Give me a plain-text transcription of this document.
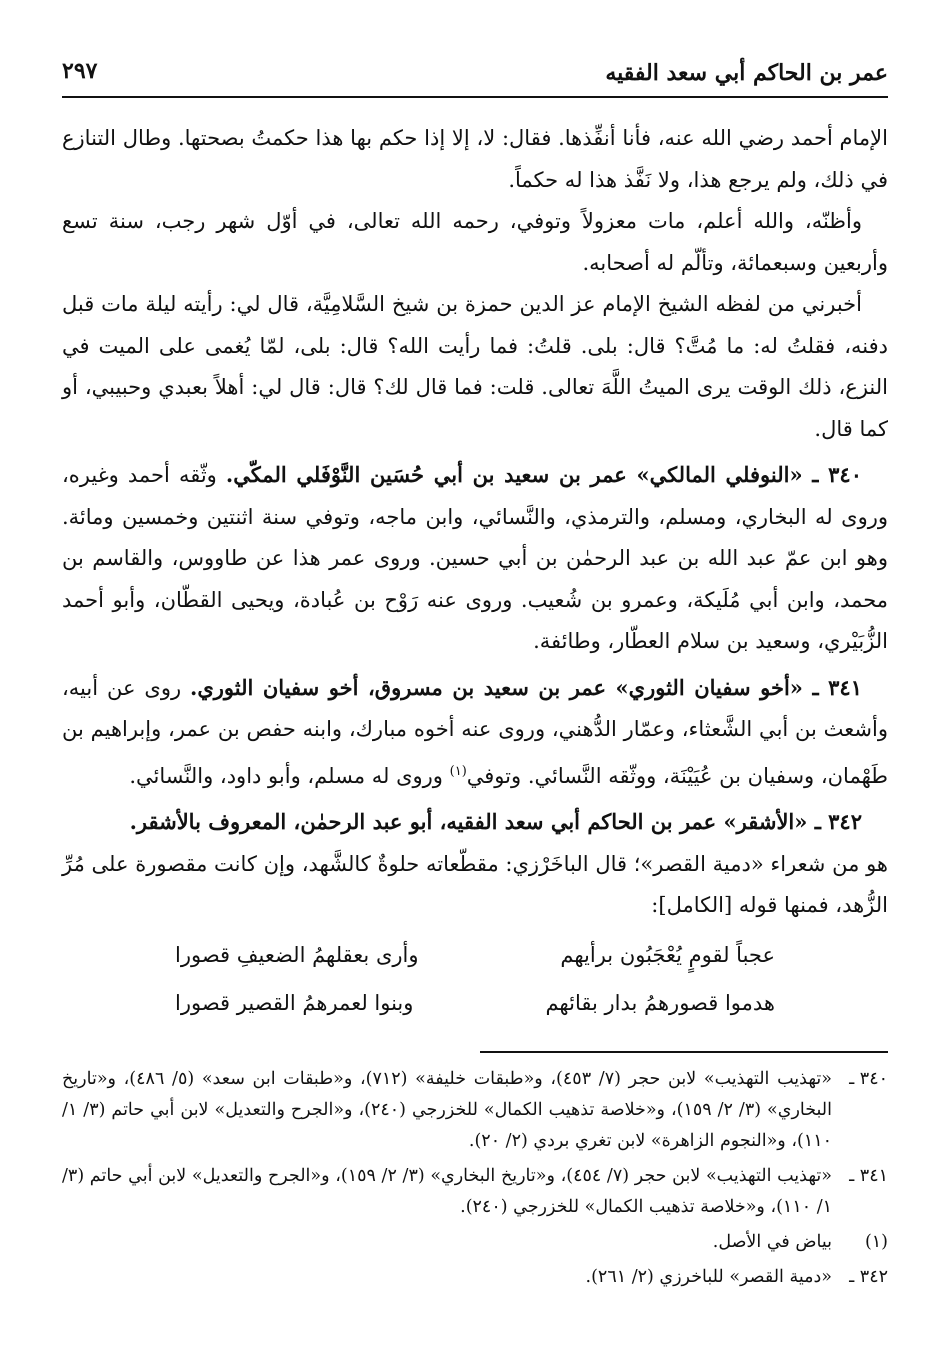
عمر بن الحاكم أبي سعد الفقيه
٢٩٧

الإمام أحمد رضي الله عنه، فأنا أنفِّذها. فقال: لا، إلا إذا حكم بها هذا حكمتُ بصحتها. وطال التنازع في ذلك، ولم يرجع هذا، ولا نَفَّذ هذا له حكماً.

وأظنّه، والله أعلم، مات معزولاً وتوفي، رحمه الله تعالى، في أوّل شهر رجب، سنة تسع وأربعين وسبعمائة، وتألّم له أصحابه.

أخبرني من لفظه الشيخ الإمام عز الدين حمزة بن شيخ السَّلامِيَّة، قال لي: رأيته ليلة مات قبل دفنه، فقلتُ له: ما مُتَّ؟ قال: بلى. قلتُ: فما رأيت الله؟ قال: بلى، لمّا يُغمى على الميت في النزع، ذلك الوقت يرى الميتُ اللَّهَ تعالى. قلت: فما قال لك؟ قال: قال لي: أهلاً بعبدي وحبيبي، أو كما قال.

٣٤٠ ـ «النوفلي المالكي» عمر بن سعيد بن أبي حُسَين النَّوْفَلي المكّي. وثّقه أحمد وغيره، وروى له البخاري، ومسلم، والترمذي، والنَّسائي، وابن ماجه، وتوفي سنة اثنتين وخمسين ومائة. وهو ابن عمّ عبد الله بن عبد الرحمٰن بن أبي حسين. وروى عمر هذا عن طاووس، والقاسم بن محمد، وابن أبي مُلَيكة، وعمرو بن شُعيب. وروى عنه رَوْح بن عُبادة، ويحيى القطّان، وأبو أحمد الزُّبَيْري، وسعيد بن سلام العطّار، وطائفة.

٣٤١ ـ «أخو سفيان الثوري» عمر بن سعيد بن مسروق، أخو سفيان الثوري. روى عن أبيه، وأشعث بن أبي الشَّعثاء، وعمّار الدُّهني، وروى عنه أخوه مبارك، وابنه حفص بن عمر، وإبراهيم بن طَهْمان، وسفيان بن عُيَيْنَة، ووثّقه النَّسائي. وتوفي$^{(١)}$ وروى له مسلم، وأبو داود، والنَّسائي.

٣٤٢ ـ «الأشقر» عمر بن الحاكم أبي سعد الفقيه، أبو عبد الرحمٰن، المعروف بالأشقر.

هو من شعراء «دمية القصر»؛ قال الباخَرْزي: مقطّعاته حلوةٌ كالشَّهد، وإن كانت مقصورة على مُرِّ الزُّهد، فمنها قوله [الكامل]:

عجباً لقومٍ يُعْجَبُون برأيهم
وأرى بعقلهمُ الضعيفِ قصورا
هدموا قصورهمُ بدار بقائهم
وبنوا لعمرهمُ القصير قصورا
٣٤٠ ـ
«تهذيب التهذيب» لابن حجر (٧/ ٤٥٣)، و«طبقات خليفة» (٧١٢)، و«طبقات ابن سعد» (٥/ ٤٨٦)، و«تاريخ البخاري» (٣/ ٢/ ١٥٩)، و«خلاصة تذهيب الكمال» للخزرجي (٢٤٠)، و«الجرح والتعديل» لابن أبي حاتم (٣/ ١/ ١١٠)، و«النجوم الزاهرة» لابن تغري بردي (٢/ ٢٠).
٣٤١ ـ
«تهذيب التهذيب» لابن حجر (٧/ ٤٥٤)، و«تاريخ البخاري» (٣/ ٢/ ١٥٩)، و«الجرح والتعديل» لابن أبي حاتم (٣/ ١/ ١١٠)، و«خلاصة تذهيب الكمال» للخزرجي (٢٤٠).
(١)
بياض في الأصل.
٣٤٢ ـ
«دمية القصر» للباخرزي (٢/ ٢٦١).
